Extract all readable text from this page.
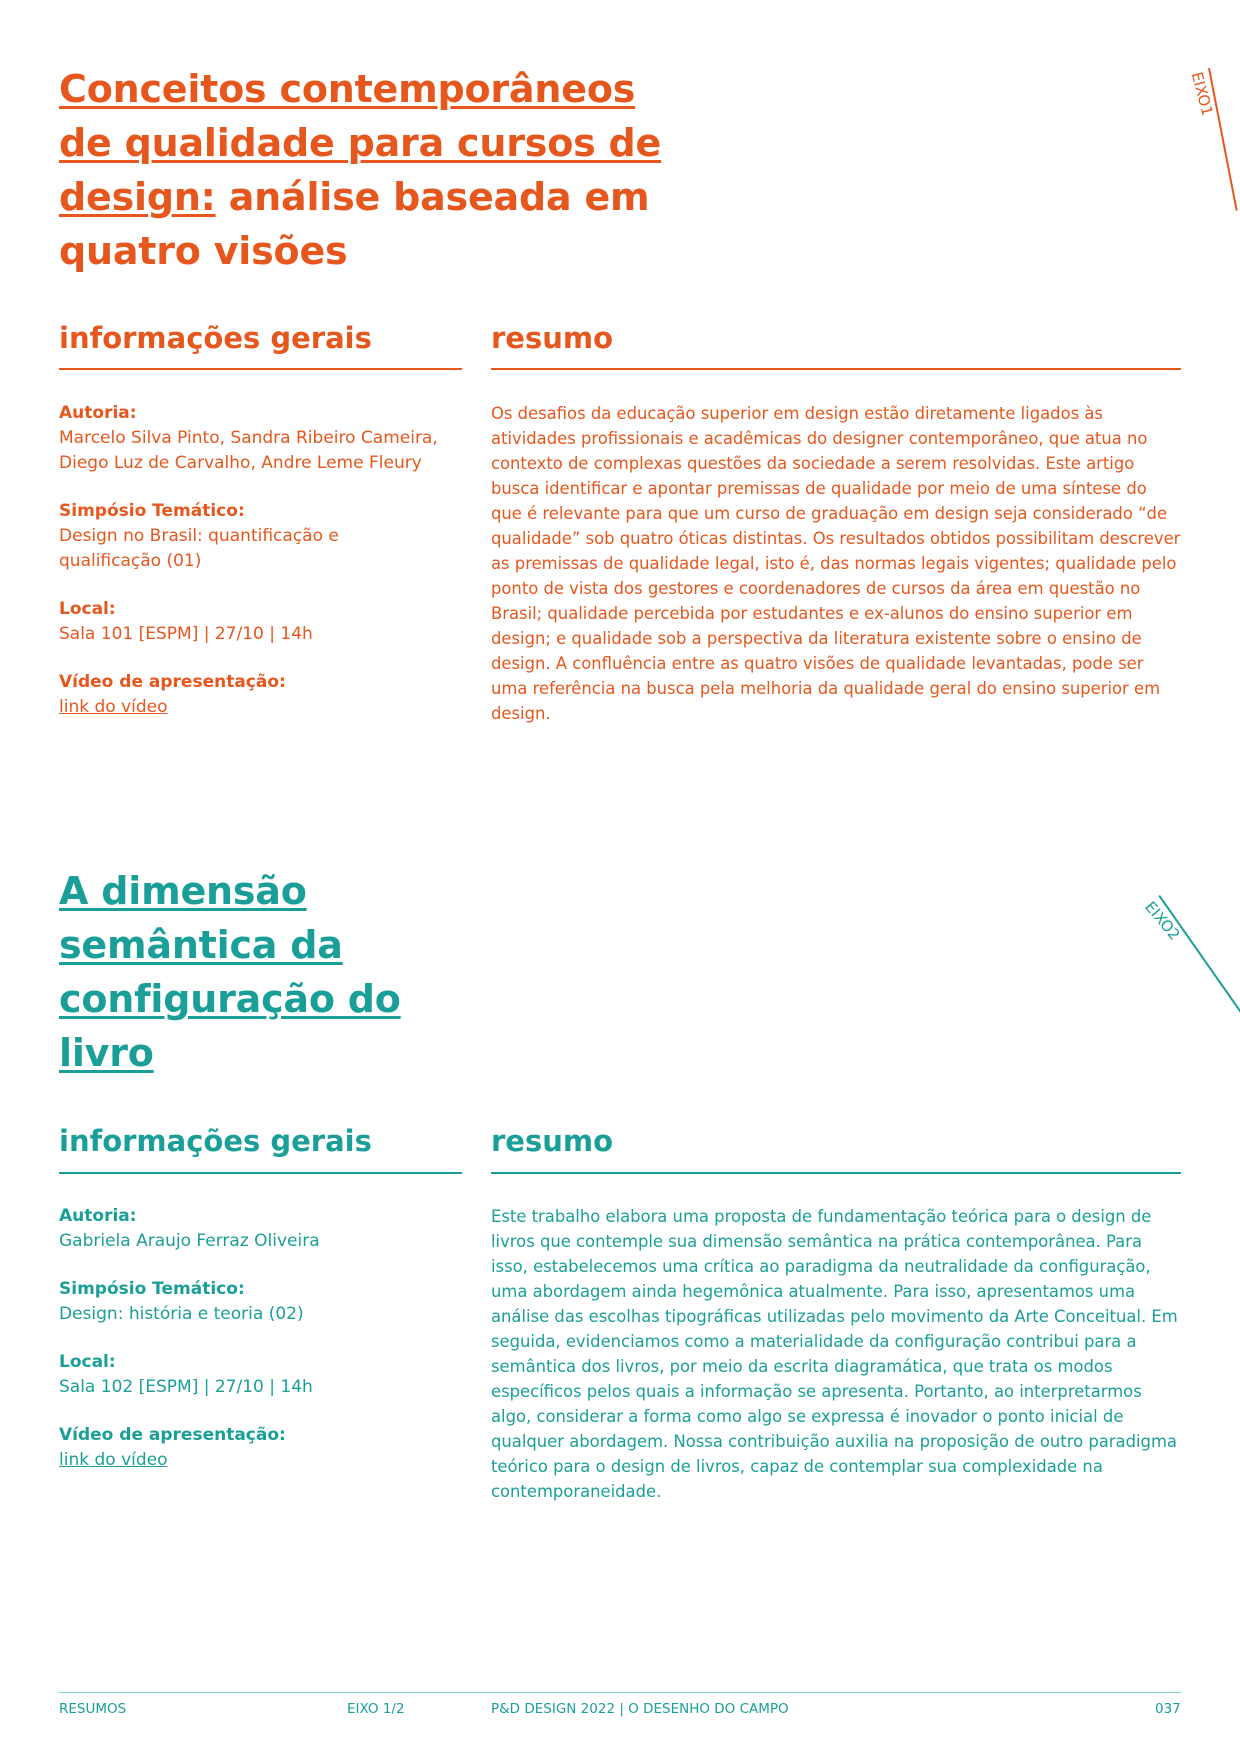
Conceitos contemporâneos de qualidade para cursos de design: análise baseada em quatro visões
EIXO1
informações gerais	resumo
Autoria:
Marcelo Silva Pinto, Sandra Ribeiro Cameira, Diego Luz de Carvalho, Andre Leme Fleury
Simpósio Temático:
Design no Brasil: quantificação e qualificação (01)
Local:
Sala 101 [ESPM] | 27/10 | 14h
Vídeo de apresentação:
link do vídeo

Os desafios da educação superior em design estão diretamente ligados às atividades profissionais e acadêmicas do designer contemporâneo, que atua no contexto de complexas questões da sociedade a serem resolvidas. Este artigo busca identificar e apontar premissas de qualidade por meio de uma síntese do que é relevante para que um curso de graduação em design seja considerado “de qualidade” sob quatro óticas distintas. Os resultados obtidos possibilitam descrever as premissas de qualidade legal, isto é, das normas legais vigentes; qualidade pelo ponto de vista dos gestores e coordenadores de cursos da área em questão no Brasil; qualidade percebida por estudantes e ex-alunos do ensino superior em design; e qualidade sob a perspectiva da literatura existente sobre o ensino de design. A confluência entre as quatro visões de qualidade levantadas, pode ser uma referência na busca pela melhoria da qualidade geral do ensino superior em design.

A dimensão semântica da configuração do livro
EIXO2
informações gerais	resumo
Autoria:
Gabriela Araujo Ferraz Oliveira
Simpósio Temático:
Design: história e teoria (02)
Local:
Sala 102 [ESPM] | 27/10 | 14h
Vídeo de apresentação:
link do vídeo

Este trabalho elabora uma proposta de fundamentação teórica para o design de livros que contemple sua dimensão semântica na prática contemporânea. Para isso, estabelecemos uma crítica ao paradigma da neutralidade da configuração, uma abordagem ainda hegemônica atualmente. Para isso, apresentamos uma análise das escolhas tipográficas utilizadas pelo movimento da Arte Conceitual. Em seguida, evidenciamos como a materialidade da configuração contribui para a semântica dos livros, por meio da escrita diagramática, que trata os modos específicos pelos quais a informação se apresenta. Portanto, ao interpretarmos algo, considerar a forma como algo se expressa é inovador o ponto inicial de qualquer abordagem. Nossa contribuição auxilia na proposição de outro paradigma teórico para o design de livros, capaz de contemplar sua complexidade na contemporaneidade.

RESUMOS	EIXO 1/2	P&D DESIGN 2022 | O DESENHO DO CAMPO	037
